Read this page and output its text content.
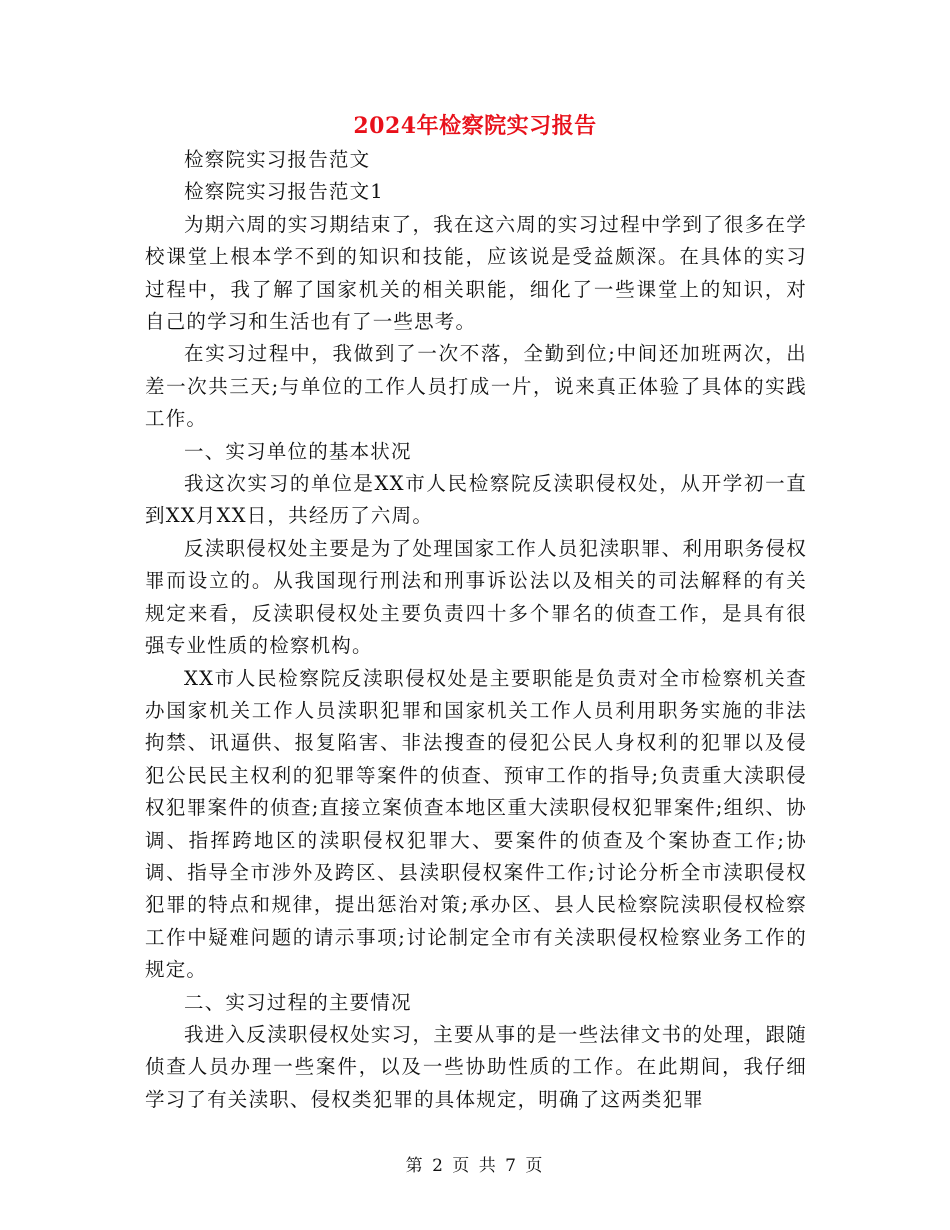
2024年检察院实习报告

检察院实习报告范文

检察院实习报告范文1

为期六周的实习期结束了，我在这六周的实习过程中学到了很多在学校课堂上根本学不到的知识和技能，应该说是受益颇深。在具体的实习过程中，我了解了国家机关的相关职能，细化了一些课堂上的知识，对自己的学习和生活也有了一些思考。

在实习过程中，我做到了一次不落，全勤到位;中间还加班两次，出差一次共三天;与单位的工作人员打成一片，说来真正体验了具体的实践工作。

一、实习单位的基本状况

我这次实习的单位是XX市人民检察院反渎职侵权处，从开学初一直到XX月XX日，共经历了六周。

反渎职侵权处主要是为了处理国家工作人员犯渎职罪、利用职务侵权罪而设立的。从我国现行刑法和刑事诉讼法以及相关的司法解释的有关规定来看，反渎职侵权处主要负责四十多个罪名的侦查工作，是具有很强专业性质的检察机构。

XX市人民检察院反渎职侵权处是主要职能是负责对全市检察机关查办国家机关工作人员渎职犯罪和国家机关工作人员利用职务实施的非法拘禁、讯逼供、报复陷害、非法搜查的侵犯公民人身权利的犯罪以及侵犯公民民主权利的犯罪等案件的侦查、预审工作的指导;负责重大渎职侵权犯罪案件的侦查;直接立案侦查本地区重大渎职侵权犯罪案件;组织、协调、指挥跨地区的渎职侵权犯罪大、要案件的侦查及个案协查工作;协调、指导全市涉外及跨区、县渎职侵权案件工作;讨论分析全市渎职侵权犯罪的特点和规律，提出惩治对策;承办区、县人民检察院渎职侵权检察工作中疑难问题的请示事项;讨论制定全市有关渎职侵权检察业务工作的规定。

二、实习过程的主要情况

我进入反渎职侵权处实习，主要从事的是一些法律文书的处理，跟随侦查人员办理一些案件，以及一些协助性质的工作。在此期间，我仔细学习了有关渎职、侵权类犯罪的具体规定，明确了这两类犯罪

第 2 页 共 7 页
